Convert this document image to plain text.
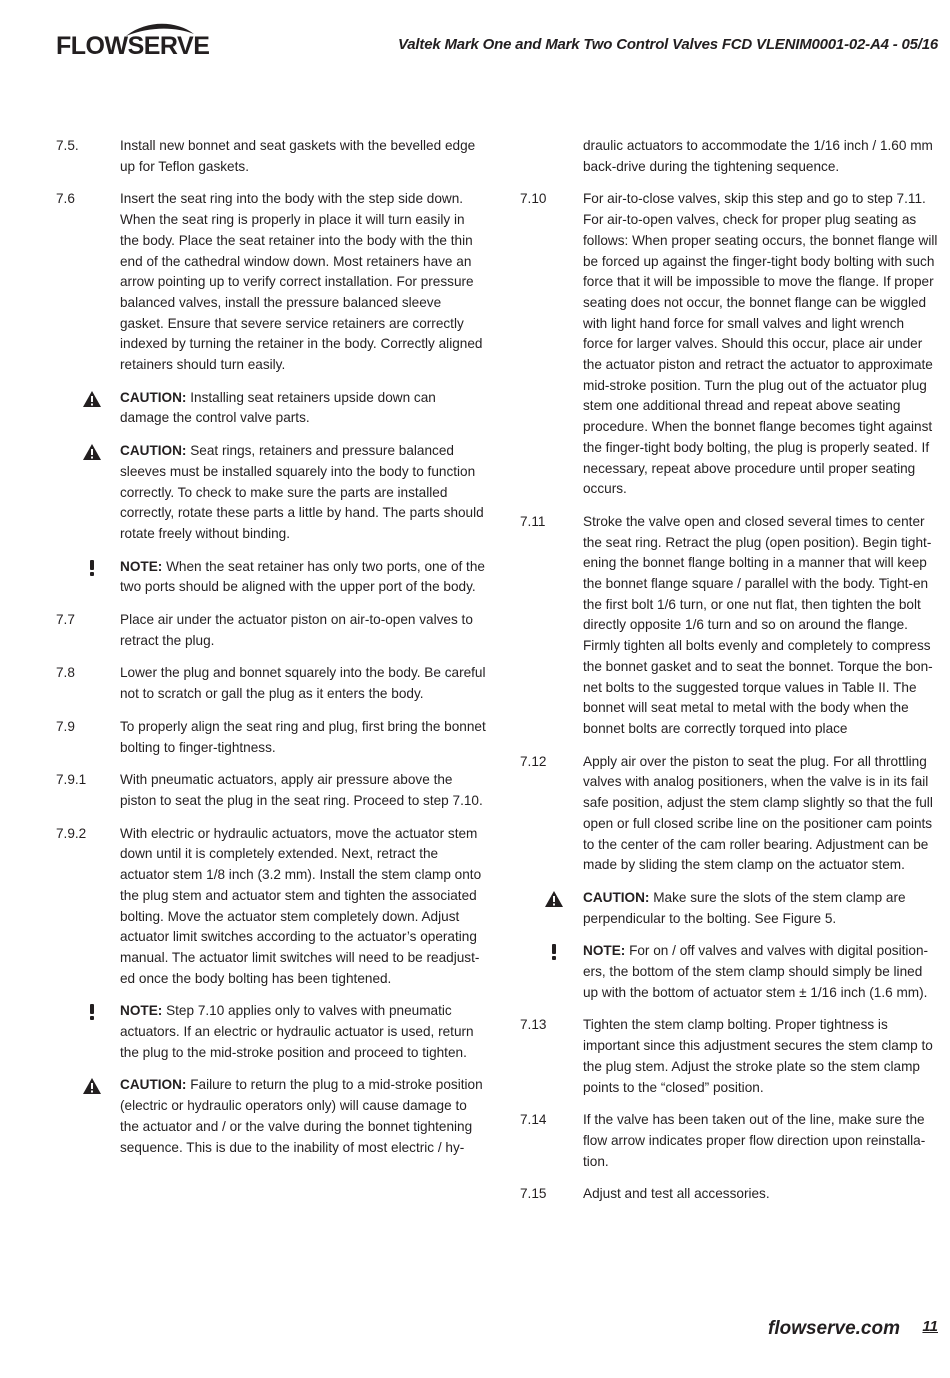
FLOWSERVE	Valtek Mark One and Mark Two Control Valves FCD VLENIM0001-02-A4 - 05/16
7.5.	Install new bonnet and seat gaskets with the bevelled edge up for Teflon gaskets.
7.6	Insert the seat ring into the body with the step side down. When the seat ring is properly in place it will turn easily in the body. Place the seat retainer into the body with the thin end of the cathedral window down. Most retainers have an arrow pointing up to verify correct installation. For pressure balanced valves, install the pressure balanced sleeve gasket. Ensure that severe service retainers are correctly indexed by turning the retainer in the body. Correctly aligned retainers should turn easily.
CAUTION: Installing seat retainers upside down can damage the control valve parts.
CAUTION: Seat rings, retainers and pressure balanced sleeves must be installed squarely into the body to function correctly. To check to make sure the parts are installed correctly, rotate these parts a little by hand. The parts should rotate freely without binding.
NOTE: When the seat retainer has only two ports, one of the two ports should be aligned with the upper port of the body.
7.7	Place air under the actuator piston on air-to-open valves to retract the plug.
7.8	Lower the plug and bonnet squarely into the body. Be careful not to scratch or gall the plug as it enters the body.
7.9	To properly align the seat ring and plug, first bring the bonnet bolting to finger-tightness.
7.9.1 With pneumatic actuators, apply air pressure above the piston to seat the plug in the seat ring. Proceed to step 7.10.
7.9.2 With electric or hydraulic actuators, move the actuator stem down until it is completely extended. Next, retract the actuator stem 1/8 inch (3.2 mm). Install the stem clamp onto the plug stem and actuator stem and tighten the associated bolting. Move the actuator stem completely down. Adjust actuator limit switches according to the actuator’s operating manual. The actuator limit switches will need to be readjust-ed once the body bolting has been tightened.
NOTE: Step 7.10 applies only to valves with pneumatic actuators. If an electric or hydraulic actuator is used, return the plug to the mid-stroke position and proceed to tighten.
CAUTION: Failure to return the plug to a mid-stroke position (electric or hydraulic operators only) will cause damage to the actuator and / or the valve during the bonnet tightening sequence. This is due to the inability of most electric / hy-
draulic actuators to accommodate the 1/16 inch / 1.60 mm back-drive during the tightening sequence.
7.10	For air-to-close valves, skip this step and go to step 7.11. For air-to-open valves, check for proper plug seating as follows: When proper seating occurs, the bonnet flange will be forced up against the finger-tight body bolting with such force that it will be impossible to move the flange. If proper seating does not occur, the bonnet flange can be wiggled with light hand force for small valves and light wrench force for larger valves. Should this occur, place air under the actuator piston and retract the actuator to approximate mid-stroke position. Turn the plug out of the actuator plug stem one additional thread and repeat above seating procedure. When the bonnet flange becomes tight against the finger-tight body bolting, the plug is properly seated. If necessary, repeat above procedure until proper seating occurs.
7.11	Stroke the valve open and closed several times to center the seat ring. Retract the plug (open position). Begin tight-ening the bonnet flange bolting in a manner that will keep the bonnet flange square / parallel with the body. Tight-en the first bolt 1/6 turn, or one nut flat, then tighten the bolt directly opposite 1/6 turn and so on around the flange. Firmly tighten all bolts evenly and completely to compress the bonnet gasket and to seat the bonnet. Torque the bon-net bolts to the suggested torque values in Table II. The bonnet will seat metal to metal with the body when the bonnet bolts are correctly torqued into place
7.12	Apply air over the piston to seat the plug. For all throttling valves with analog positioners, when the valve is in its fail safe position, adjust the stem clamp slightly so that the full open or full closed scribe line on the positioner cam points to the center of the cam roller bearing. Adjustment can be made by sliding the stem clamp on the actuator stem.
CAUTION: Make sure the slots of the stem clamp are perpendicular to the bolting. See Figure 5.
NOTE: For on / off valves and valves with digital position-ers, the bottom of the stem clamp should simply be lined up with the bottom of actuator stem ± 1/16 inch (1.6 mm).
7.13	Tighten the stem clamp bolting. Proper tightness is important since this adjustment secures the stem clamp to the plug stem. Adjust the stroke plate so the stem clamp points to the “closed” position.
7.14	If the valve has been taken out of the line, make sure the flow arrow indicates proper flow direction upon reinstalla-tion.
7.15	Adjust and test all accessories.
flowserve.com 11
